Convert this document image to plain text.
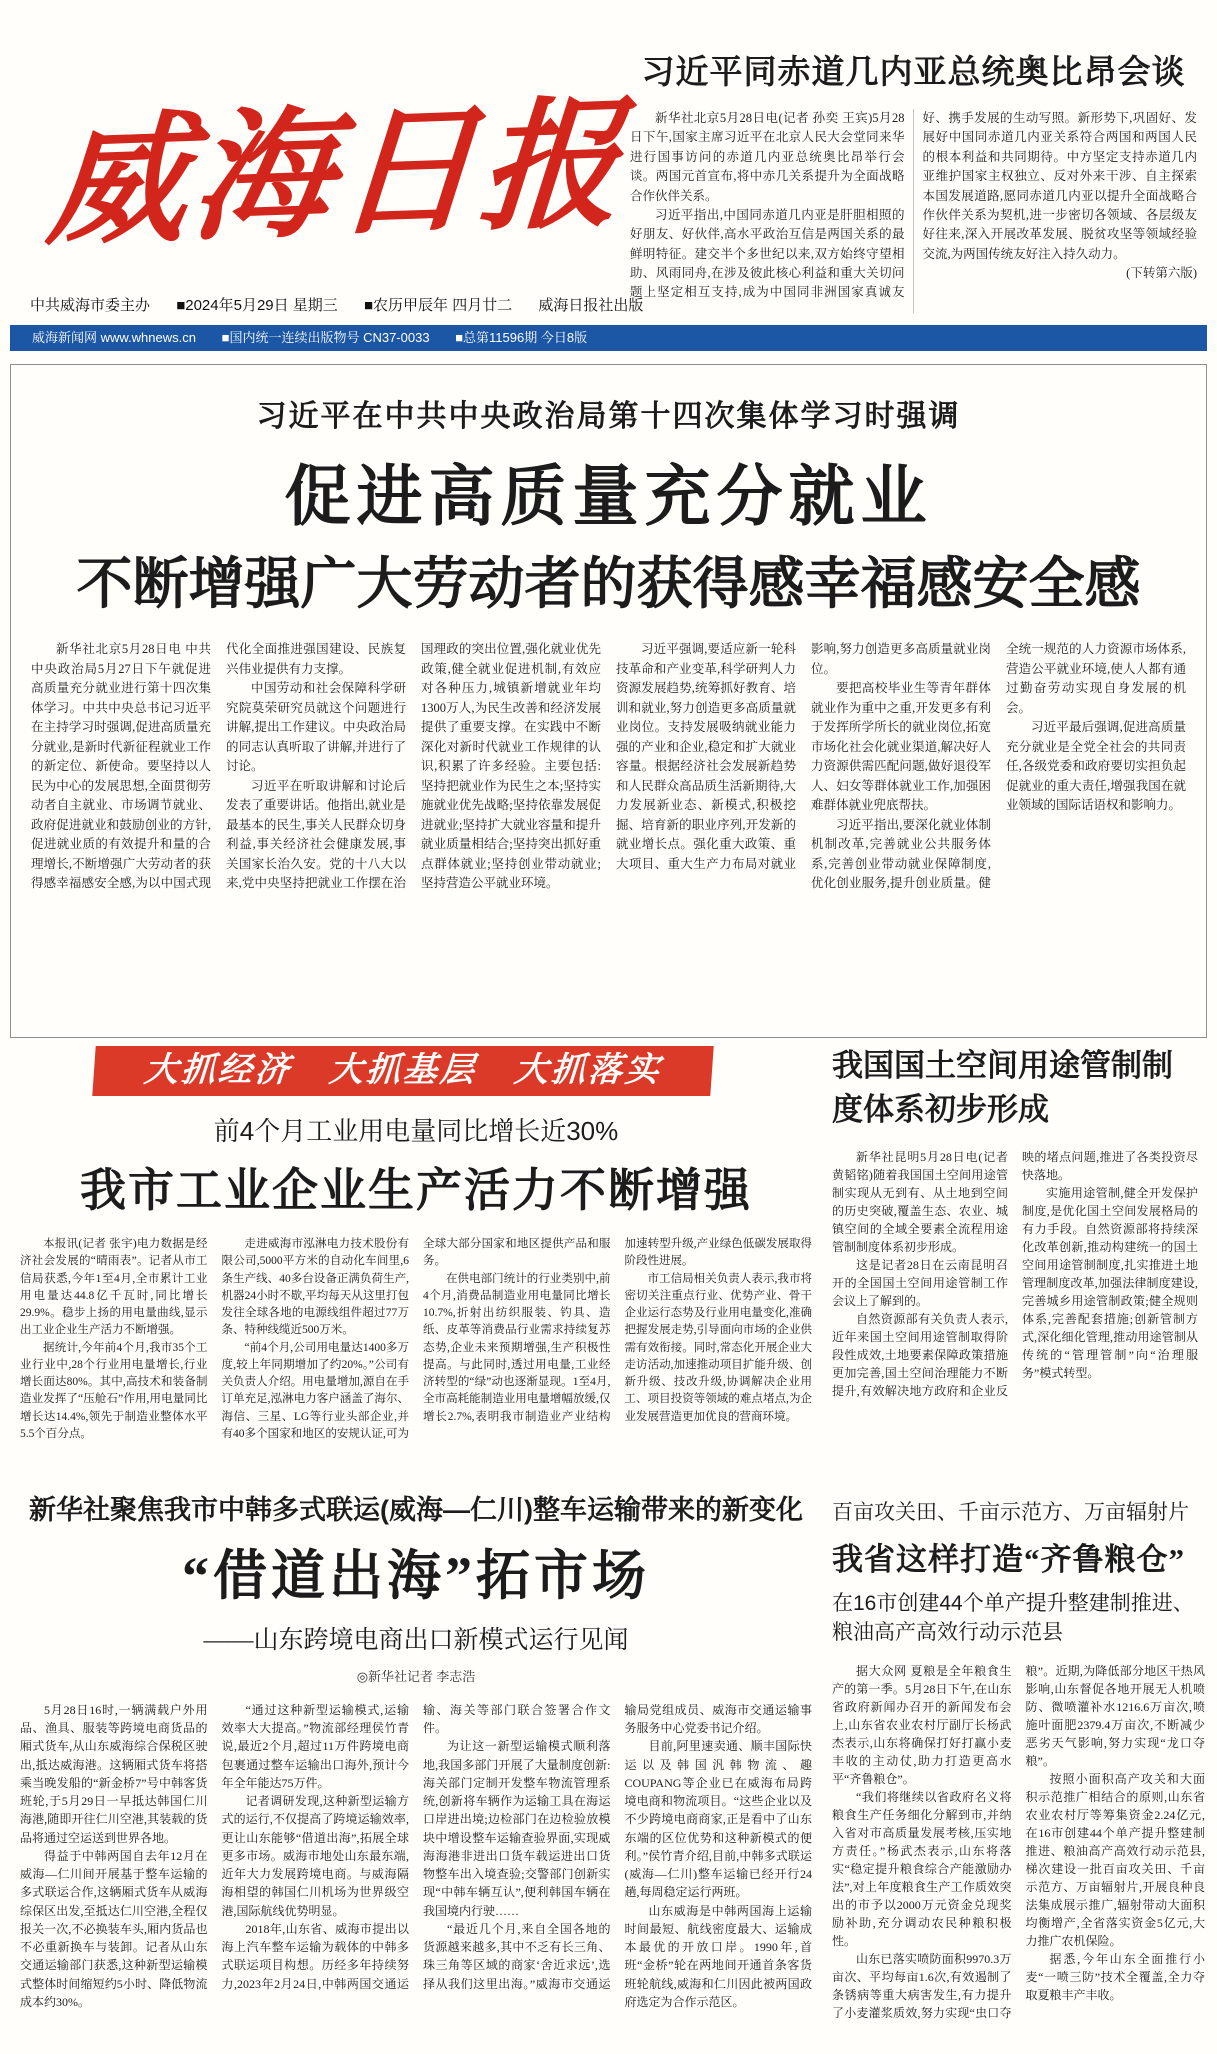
威海日报
习近平同赤道几内亚总统奥比昂会谈

新华社北京5月28日电(记者 孙奕 王宾)5月28日下午,国家主席习近平在北京人民大会堂同来华进行国事访问的赤道几内亚总统奥比昂举行会谈。两国元首宣布,将中赤几关系提升为全面战略合作伙伴关系。

习近平指出,中国同赤道几内亚是肝胆相照的好朋友、好伙伴,高水平政治互信是两国关系的最鲜明特征。建交半个多世纪以来,双方始终守望相助、风雨同舟,在涉及彼此核心利益和重大关切问题上坚定相互支持,成为中国同非洲国家真诚友好、携手发展的生动写照。新形势下,巩固好、发展好中国同赤道几内亚关系符合两国和两国人民的根本利益和共同期待。中方坚定支持赤道几内亚维护国家主权独立、反对外来干涉、自主探索本国发展道路,愿同赤道几内亚以提升全面战略合作伙伴关系为契机,进一步密切各领域、各层级友好往来,深入开展改革发展、脱贫攻坚等领域经验交流,为两国传统友好注入持久动力。

(下转第六版)

中共威海市委主办 ■2024年5月29日 星期三 ■农历甲辰年 四月廿二 威海日报社出版
威海新闻网 www.whnews.cn ■国内统一连续出版物号 CN37-0033 ■总第11596期 今日8版
习近平在中共中央政治局第十四次集体学习时强调
促进高质量充分就业
不断增强广大劳动者的获得感幸福感安全感

新华社北京5月28日电 中共中央政治局5月27日下午就促进高质量充分就业进行第十四次集体学习。中共中央总书记习近平在主持学习时强调,促进高质量充分就业,是新时代新征程就业工作的新定位、新使命。要坚持以人民为中心的发展思想,全面贯彻劳动者自主就业、市场调节就业、政府促进就业和鼓励创业的方针,促进就业质的有效提升和量的合理增长,不断增强广大劳动者的获得感幸福感安全感,为以中国式现代化全面推进强国建设、民族复兴伟业提供有力支撑。

中国劳动和社会保障科学研究院莫荣研究员就这个问题进行讲解,提出工作建议。中央政治局的同志认真听取了讲解,并进行了讨论。

习近平在听取讲解和讨论后发表了重要讲话。他指出,就业是最基本的民生,事关人民群众切身利益,事关经济社会健康发展,事关国家长治久安。党的十八大以来,党中央坚持把就业工作摆在治国理政的突出位置,强化就业优先政策,健全就业促进机制,有效应对各种压力,城镇新增就业年均1300万人,为民生改善和经济发展提供了重要支撑。在实践中不断深化对新时代就业工作规律的认识,积累了许多经验。主要包括:坚持把就业作为民生之本;坚持实施就业优先战略;坚持依靠发展促进就业;坚持扩大就业容量和提升就业质量相结合;坚持突出抓好重点群体就业;坚持创业带动就业;坚持营造公平就业环境。

习近平强调,要适应新一轮科技革命和产业变革,科学研判人力资源发展趋势,统筹抓好教育、培训和就业,努力创造更多高质量就业岗位。支持发展吸纳就业能力强的产业和企业,稳定和扩大就业容量。根据经济社会发展新趋势和人民群众高品质生活新期待,大力发展新业态、新模式,积极挖掘、培育新的职业序列,开发新的就业增长点。强化重大政策、重大项目、重大生产力布局对就业影响,努力创造更多高质量就业岗位。

要把高校毕业生等青年群体就业作为重中之重,开发更多有利于发挥所学所长的就业岗位,拓宽市场化社会化就业渠道,解决好人力资源供需匹配问题,做好退役军人、妇女等群体就业工作,加强困难群体就业兜底帮扶。

习近平指出,要深化就业体制机制改革,完善就业公共服务体系,完善创业带动就业保障制度,优化创业服务,提升创业质量。健全统一规范的人力资源市场体系,营造公平就业环境,使人人都有通过勤奋劳动实现自身发展的机会。

习近平最后强调,促进高质量充分就业是全党全社会的共同责任,各级党委和政府要切实担负起促就业的重大责任,增强我国在就业领域的国际话语权和影响力。

大抓经济　大抓基层　大抓落实
前4个月工业用电量同比增长近30%
我市工业企业生产活力不断增强

本报讯(记者 张宇)电力数据是经济社会发展的“晴雨表”。记者从市工信局获悉,今年1至4月,全市累计工业用电量达44.8亿千瓦时,同比增长29.9%。稳步上扬的用电量曲线,显示出工业企业生产活力不断增强。

据统计,今年前4个月,我市35个工业行业中,28个行业用电量增长,行业增长面达80%。其中,高技术和装备制造业发挥了“压舱石”作用,用电量同比增长达14.4%,领先于制造业整体水平5.5个百分点。

走进威海市泓淋电力技术股份有限公司,5000平方米的自动化车间里,6条生产线、40多台设备正满负荷生产,机器24小时不歇,平均每天从这里打包发往全球各地的电源线组件超过77万条、特种线缆近500万米。

“前4个月,公司用电量达1400多万度,较上年同期增加了约20%。”公司有关负责人介绍。用电量增加,源自在手订单充足,泓淋电力客户涵盖了海尔、海信、三星、LG等行业头部企业,并有40多个国家和地区的安规认证,可为全球大部分国家和地区提供产品和服务。

在供电部门统计的行业类别中,前4个月,消费品制造业用电量同比增长10.7%,折射出纺织服装、钓具、造纸、皮革等消费品行业需求持续复苏态势,企业未来预期增强,生产积极性提高。与此同时,透过用电量,工业经济转型的“绿”动也逐渐显现。1至4月,全市高耗能制造业用电量增幅放缓,仅增长2.7%,表明我市制造业产业结构加速转型升级,产业绿色低碳发展取得阶段性进展。

市工信局相关负责人表示,我市将密切关注重点行业、优势产业、骨干企业运行态势及行业用电量变化,准确把握发展走势,引导面向市场的企业供需有效衔接。同时,常态化开展企业大走访活动,加速推动项目扩能升级、创新升级、技改升级,协调解决企业用工、项目投资等领域的难点堵点,为企业发展营造更加优良的营商环境。

我国国土空间用途管制制度体系初步形成

新华社昆明5月28日电(记者 黄韬铭)随着我国国土空间用途管制实现从无到有、从土地到空间的历史突破,覆盖生态、农业、城镇空间的全域全要素全流程用途管制制度体系初步形成。

这是记者28日在云南昆明召开的全国国土空间用途管制工作会议上了解到的。

自然资源部有关负责人表示,近年来国土空间用途管制取得阶段性成效,土地要素保障政策措施更加完善,国土空间治理能力不断提升,有效解决地方政府和企业反映的堵点问题,推进了各类投资尽快落地。

实施用途管制,健全开发保护制度,是优化国土空间发展格局的有力手段。自然资源部将持续深化改革创新,推动构建统一的国土空间用途管制制度,扎实推进土地管理制度改革,加强法律制度建设,完善城乡用途管制政策;健全规则体系,完善配套措施;创新管制方式,深化细化管理,推动用途管制从传统的“管理管制”向“治理服务”模式转型。

新华社聚焦我市中韩多式联运(威海—仁川)整车运输带来的新变化
“借道出海”拓市场
——山东跨境电商出口新模式运行见闻
◎新华社记者 李志浩

5月28日16时,一辆满载户外用品、渔具、服装等跨境电商货品的厢式货车,从山东威海综合保税区驶出,抵达威海港。这辆厢式货车将搭乘当晚发船的“新金桥7”号中韩客货班轮,于5月29日一早抵达韩国仁川海港,随即开往仁川空港,其装载的货品将通过空运送到世界各地。

得益于中韩两国自去年12月在威海—仁川间开展基于整车运输的多式联运合作,这辆厢式货车从威海综保区出发,至抵达仁川空港,全程仅报关一次,不必换装车头,厢内货品也不必重新换车与装卸。记者从山东交通运输部门获悉,这种新型运输模式整体时间缩短约5小时、降低物流成本约30%。

“通过这种新型运输模式,运输效率大大提高。”物流部经理侯竹青说,最近2个月,超过11万件跨境电商包裹通过整车运输出口海外,预计今年全年能达75万件。

记者调研发现,这种新型运输方式的运行,不仅提高了跨境运输效率,更让山东能够“借道出海”,拓展全球更多市场。威海市地处山东最东端,近年大力发展跨境电商。与威海隔海相望的韩国仁川机场为世界级空港,国际航线优势明显。

2018年,山东省、威海市提出以海上汽车整车运输为载体的中韩多式联运项目构想。历经多年持续努力,2023年2月24日,中韩两国交通运输、海关等部门联合签署合作文件。

为让这一新型运输模式顺利落地,我国多部门开展了大量制度创新:海关部门定制开发整车物流管理系统,创新将车辆作为运输工具在海运口岸进出境;边检部门在边检验放模块中增设整车运输查验界面,实现威海海港非进出口货车载运进出口货物整车出入境查验;交警部门创新实现“中韩车辆互认”,便利韩国车辆在我国境内行驶……

“最近几个月,来自全国各地的货源越来越多,其中不乏有长三角、珠三角等区域的商家‘舍近求远’,选择从我们这里出海。”威海市交通运输局党组成员、威海市交通运输事务服务中心党委书记介绍。

目前,阿里速卖通、顺丰国际快运以及韩国汎韩物流、趣COUPANG等企业已在威海布局跨境电商和物流项目。“这些企业以及不少跨境电商商家,正是看中了山东东端的区位优势和这种新模式的便利。”侯竹青介绍,目前,中韩多式联运(威海—仁川)整车运输已经开行24趟,每周稳定运行两班。

山东威海是中韩两国海上运输时间最短、航线密度最大、运输成本最优的开放口岸。1990年,首班“金桥”轮在两地间开通首条客货班轮航线,威海和仁川因此被两国政府选定为合作示范区。

百亩攻关田、千亩示范方、万亩辐射片
我省这样打造“齐鲁粮仓”
在16市创建44个单产提升整建制推进、粮油高产高效行动示范县

据大众网 夏粮是全年粮食生产的第一季。5月28日下午,在山东省政府新闻办召开的新闻发布会上,山东省农业农村厅副厅长杨武杰表示,山东将确保打好打赢小麦丰收的主动仗,助力打造更高水平“齐鲁粮仓”。

“我们将继续以省政府名义将粮食生产任务细化分解到市,并纳入省对市高质量发展考核,压实地方责任。”杨武杰表示,山东将落实“稳定提升粮食综合产能激励办法”,对上年度粮食生产工作质效突出的市予以2000万元资金兑现奖励补助,充分调动农民种粮积极性。

山东已落实喷防面积9970.3万亩次、平均每亩1.6次,有效遏制了条锈病等重大病害发生,有力提升了小麦灌浆质效,努力实现“虫口夺粮”。近期,为降低部分地区干热风影响,山东督促各地开展无人机喷防、微喷灌补水1216.6万亩次,喷施叶面肥2379.4万亩次,不断减少恶劣天气影响,努力实现“龙口夺粮”。

按照小面积高产攻关和大面积示范推广相结合的原则,山东省农业农村厅等筹集资金2.24亿元,在16市创建44个单产提升整建制推进、粮油高产高效行动示范县,梯次建设一批百亩攻关田、千亩示范方、万亩辐射片,开展良种良法集成展示推广,辐射带动大面积均衡增产,全省落实资金5亿元,大力推广农机保险。

据悉,今年山东全面推行小麦“一喷三防”技术全覆盖,全力夺取夏粮丰产丰收。
